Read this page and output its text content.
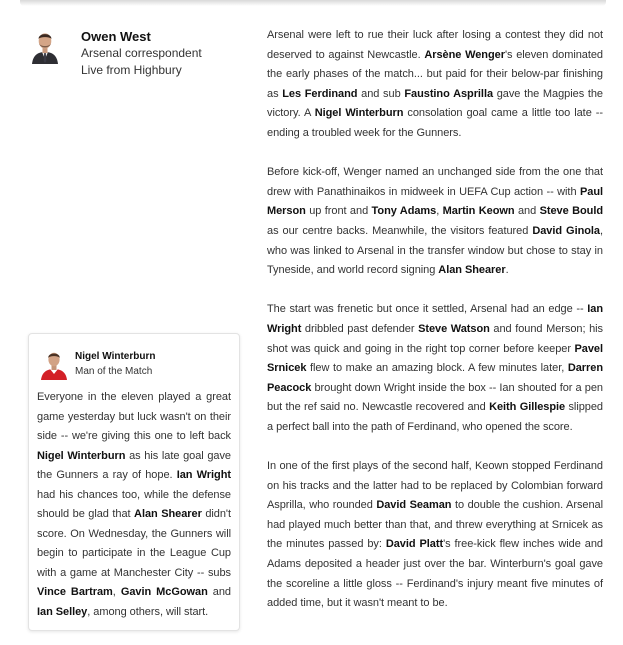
Owen West
Arsenal correspondent
Live from Highbury

Arsenal were left to rue their luck after losing a contest they did not deserved to against Newcastle. Arsène Wenger's eleven dominated the early phases of the match... but paid for their below-par finishing as Les Ferdinand and sub Faustino Asprilla gave the Magpies the victory. A Nigel Winterburn consolation goal came a little too late -- ending a troubled week for the Gunners.

Before kick-off, Wenger named an unchanged side from the one that drew with Panathinaikos in midweek in UEFA Cup action -- with Paul Merson up front and Tony Adams, Martin Keown and Steve Bould as our centre backs. Meanwhile, the visitors featured David Ginola, who was linked to Arsenal in the transfer window but chose to stay in Tyneside, and world record signing Alan Shearer.

The start was frenetic but once it settled, Arsenal had an edge -- Ian Wright dribbled past defender Steve Watson and found Merson; his shot was quick and going in the right top corner before keeper Pavel Srnicek flew to make an amazing block. A few minutes later, Darren Peacock brought down Wright inside the box -- Ian shouted for a pen but the ref said no. Newcastle recovered and Keith Gillespie slipped a perfect ball into the path of Ferdinand, who opened the score.

In one of the first plays of the second half, Keown stopped Ferdinand on his tracks and the latter had to be replaced by Colombian forward Asprilla, who rounded David Seaman to double the cushion. Arsenal had played much better than that, and threw everything at Srnicek as the minutes passed by: David Platt's free-kick flew inches wide and Adams deposited a header just over the bar. Winterburn's goal gave the scoreline a little gloss -- Ferdinand's injury meant five minutes of added time, but it wasn't meant to be.

Nigel Winterburn
Man of the Match
Everyone in the eleven played a great game yesterday but luck wasn't on their side -- we're giving this one to left back Nigel Winterburn as his late goal gave the Gunners a ray of hope. Ian Wright had his chances too, while the defense should be glad that Alan Shearer didn't score. On Wednesday, the Gunners will begin to participate in the League Cup with a game at Manchester City -- subs Vince Bartram, Gavin McGowan and Ian Selley, among others, will start.
